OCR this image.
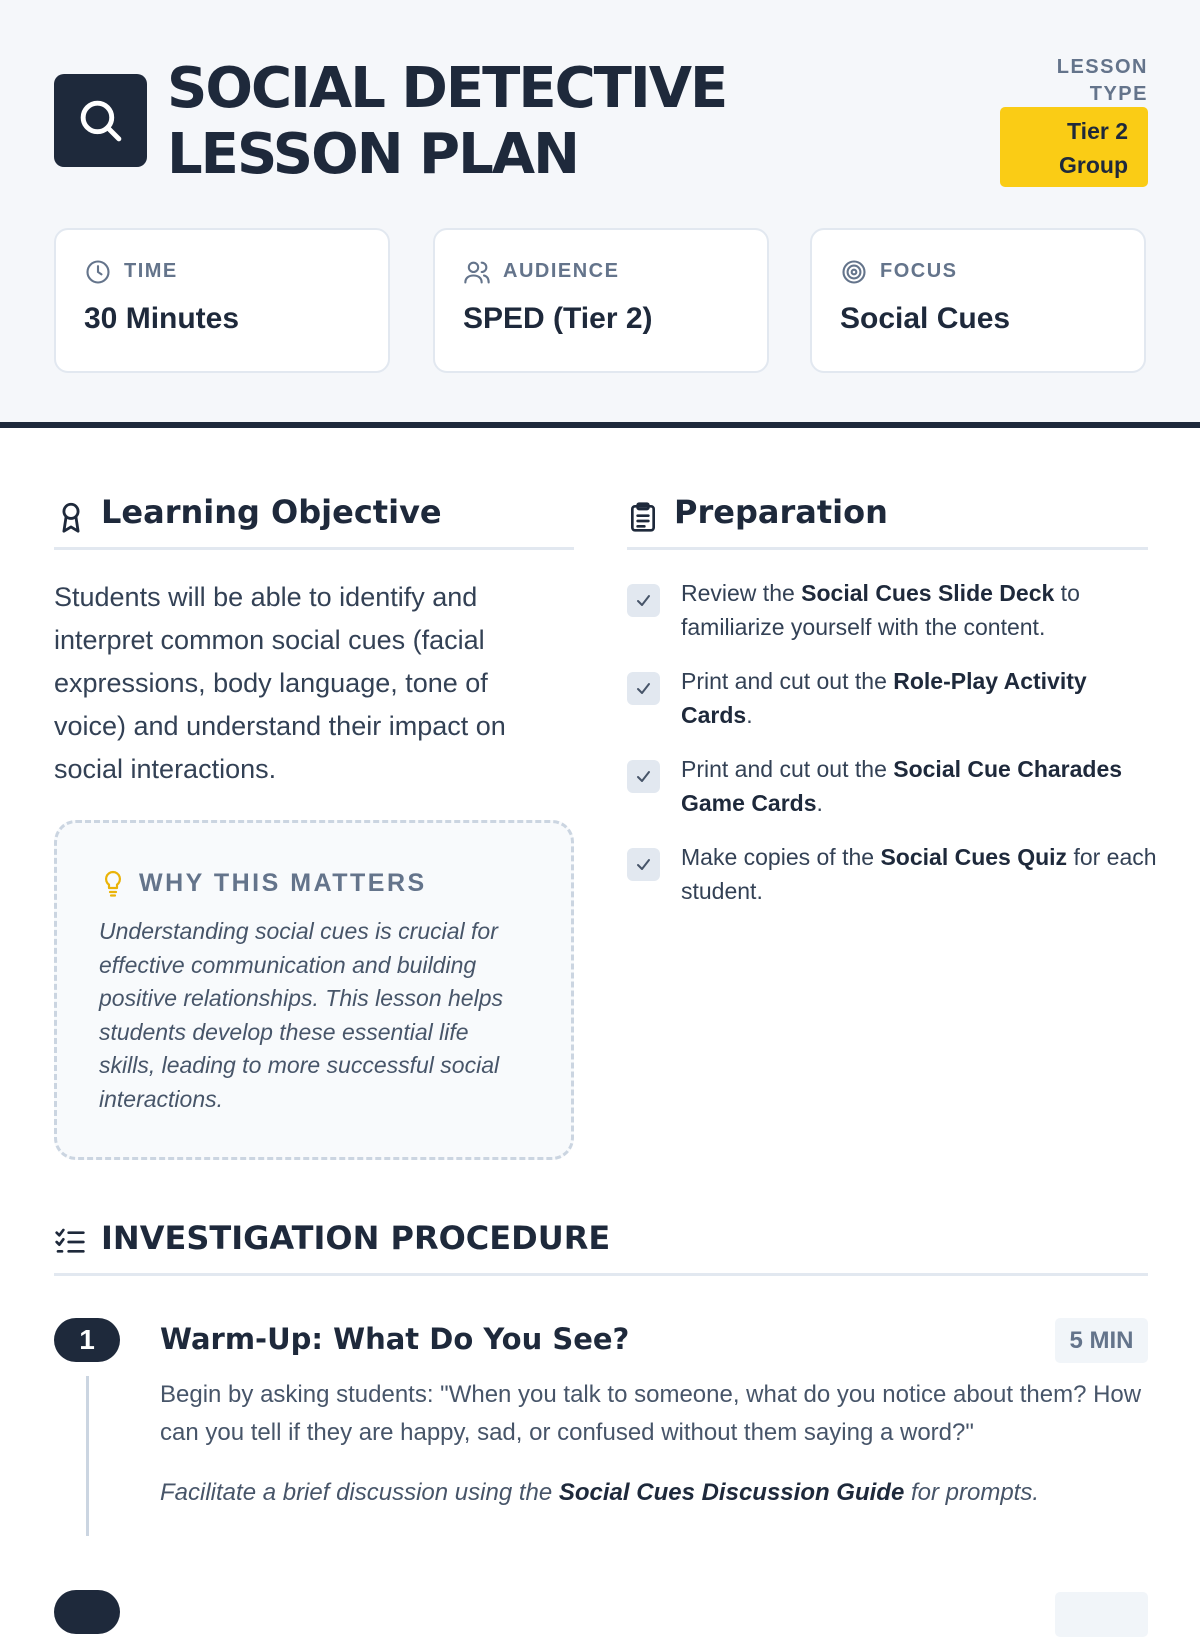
SOCIAL DETECTIVE LESSON PLAN
LESSON TYPE
Tier 2 Group
TIME
30 Minutes
AUDIENCE
SPED (Tier 2)
FOCUS
Social Cues
Learning Objective

Students will be able to identify and interpret common social cues (facial expressions, body language, tone of voice) and understand their impact on social interactions.

WHY THIS MATTERS

Understanding social cues is crucial for effective communication and building positive relationships. This lesson helps students develop these essential life skills, leading to more successful social interactions.

Preparation
Review the Social Cues Slide Deck to familiarize yourself with the content.
Print and cut out the Role-Play Activity Cards.
Print and cut out the Social Cue Charades Game Cards.
Make copies of the Social Cues Quiz for each student.
INVESTIGATION PROCEDURE
1	Warm-Up: What Do You See?	5 MIN

Begin by asking students: "When you talk to someone, what do you notice about them? How can you tell if they are happy, sad, or confused without them saying a word?"

Facilitate a brief discussion using the Social Cues Discussion Guide for prompts.
